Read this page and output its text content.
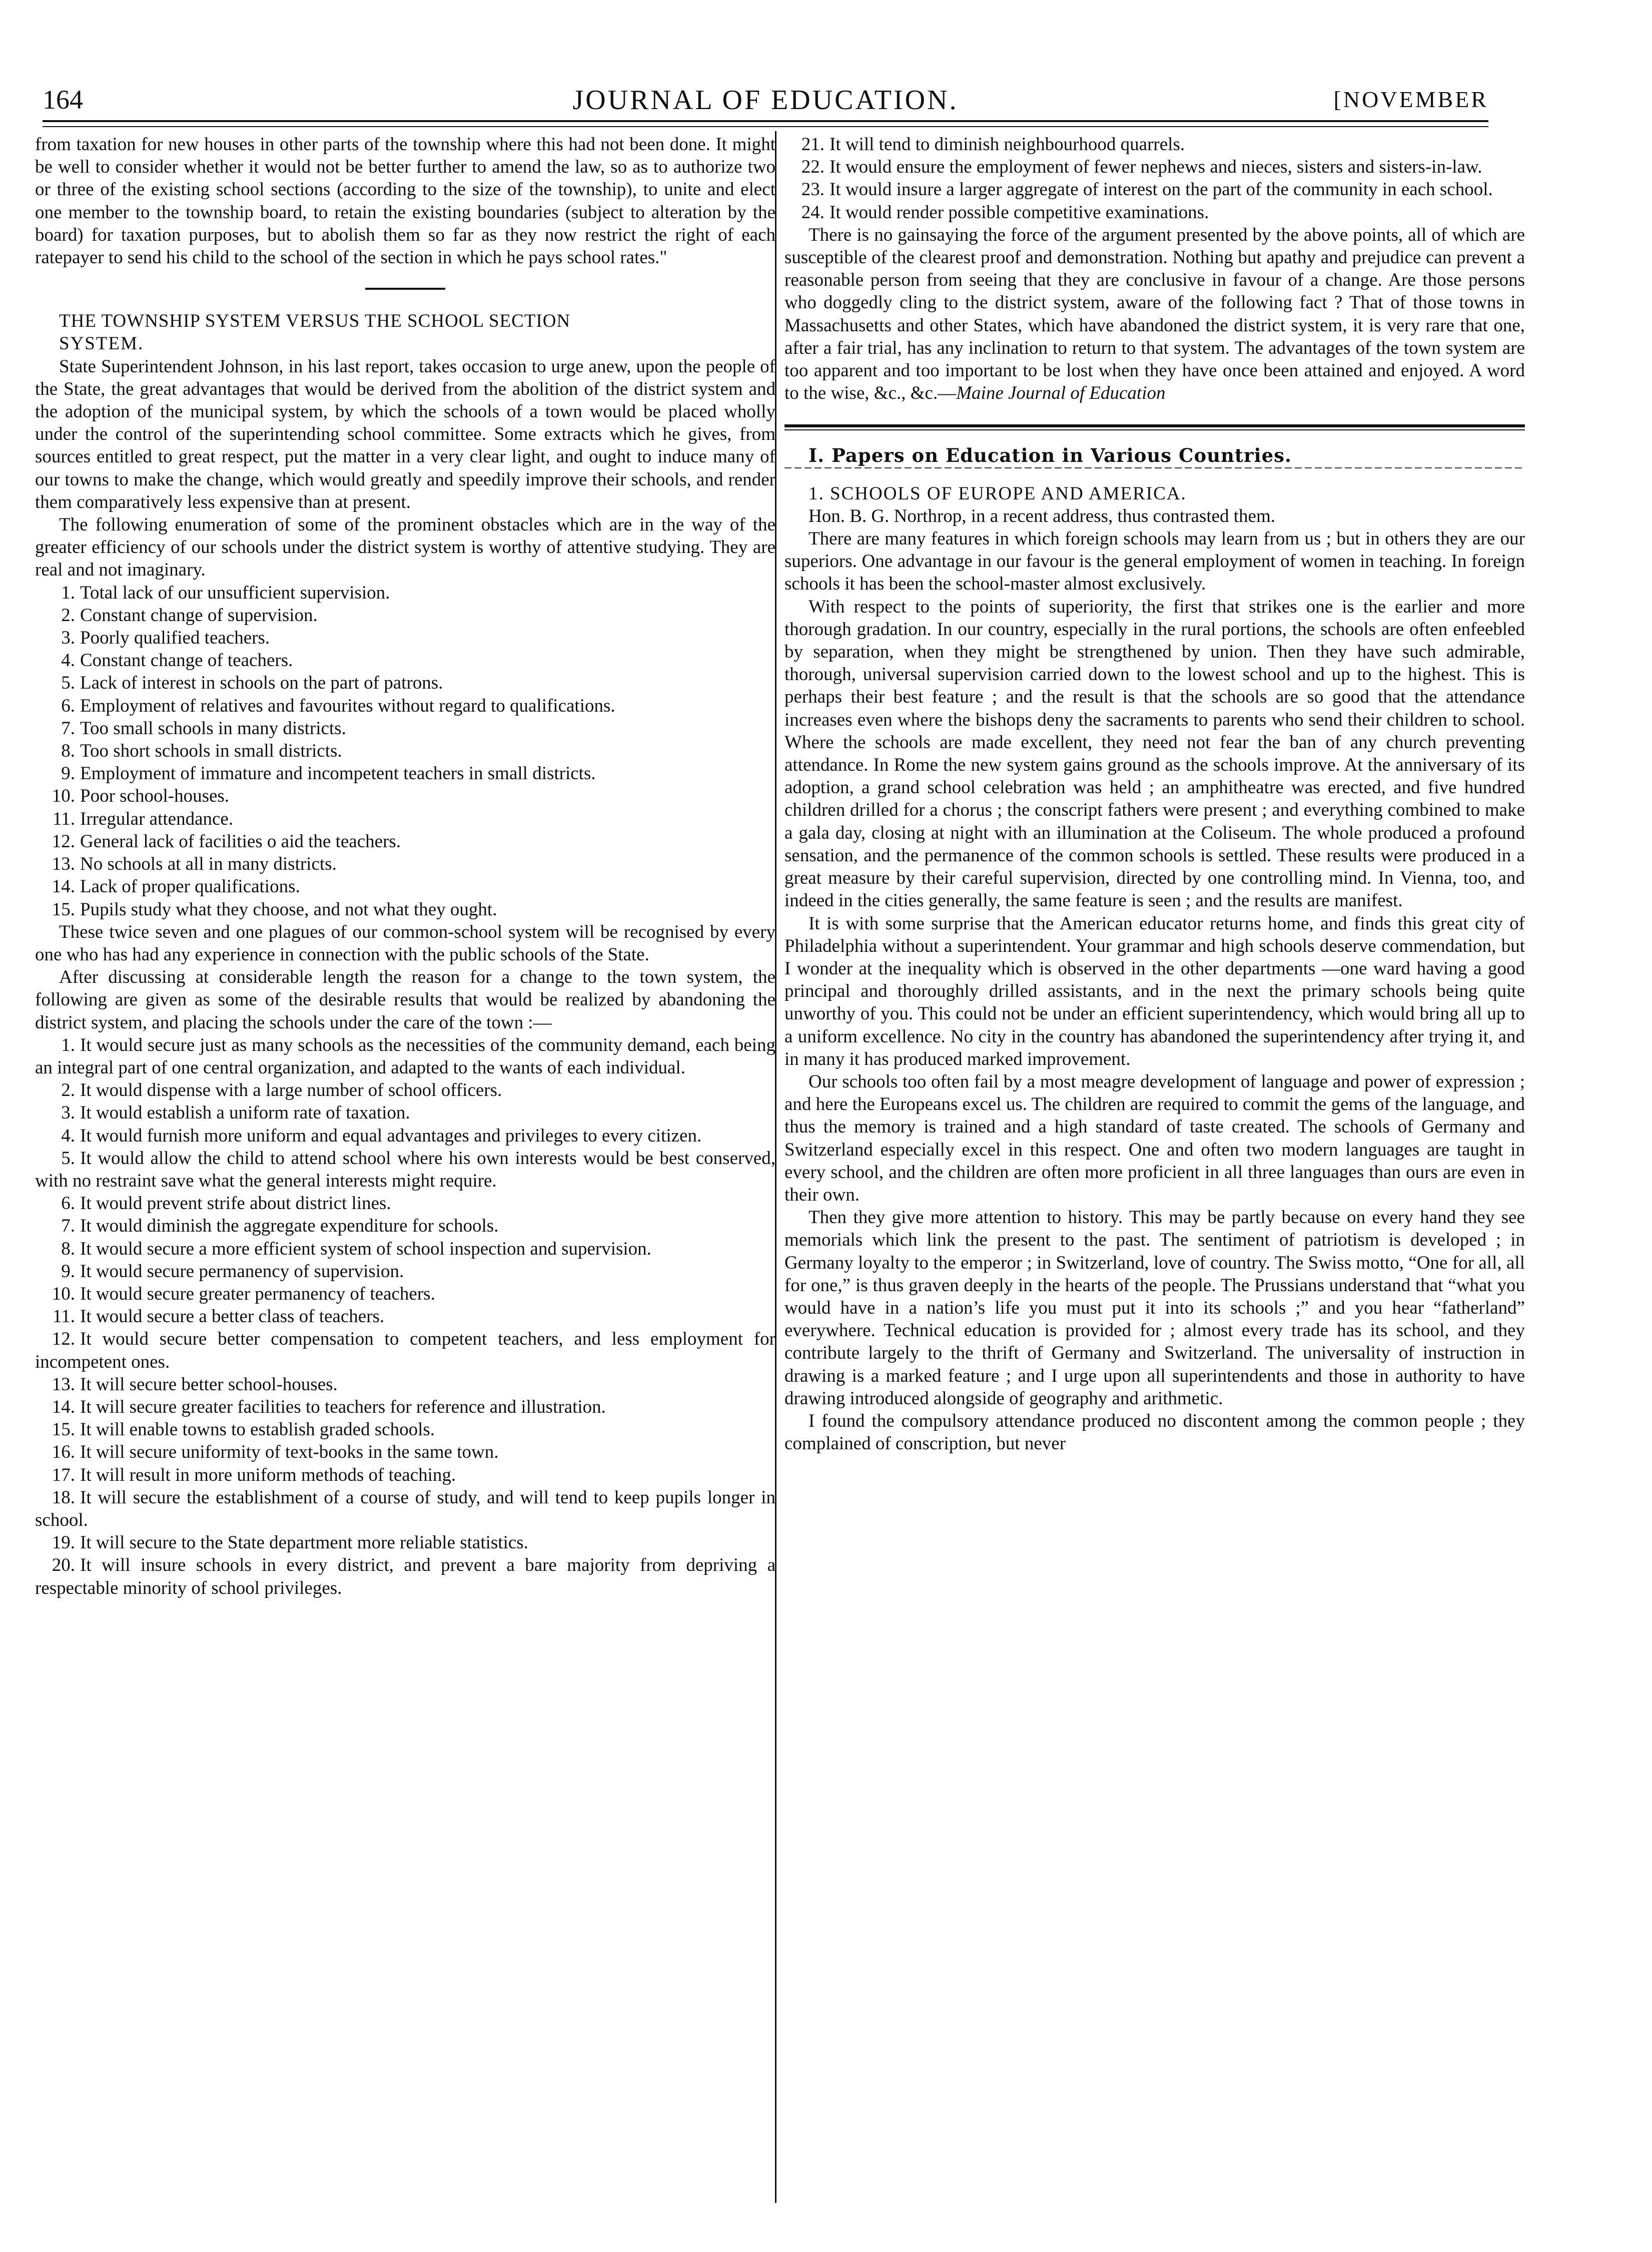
164	JOURNAL OF EDUCATION.	[NOVEMBER

from taxation for new houses in other parts of the township where this had not been done. It might be well to consider whether it would not be better further to amend the law, so as to authorize two or three of the existing school sections (according to the size of the township), to unite and elect one member to the township board, to retain the existing boundaries (subject to alteration by the board) for taxation purposes, but to abolish them so far as they now restrict the right of each ratepayer to send his child to the school of the section in which he pays school rates."

THE TOWNSHIP SYSTEM VERSUS THE SCHOOL SECTION

SYSTEM.

State Superintendent Johnson, in his last report, takes occasion to urge anew, upon the people of the State, the great advantages that would be derived from the abolition of the district system and the adoption of the municipal system, by which the schools of a town would be placed wholly under the control of the superintending school committee. Some extracts which he gives, from sources entitled to great respect, put the matter in a very clear light, and ought to induce many of our towns to make the change, which would greatly and speedily improve their schools, and render them comparatively less expensive than at present.

The following enumeration of some of the prominent obstacles which are in the way of the greater efficiency of our schools under the district system is worthy of attentive studying. They are real and not imaginary.

1. Total lack of our unsufficient supervision.

2. Constant change of supervision.

3. Poorly qualified teachers.

4. Constant change of teachers.

5. Lack of interest in schools on the part of patrons.

6. Employment of relatives and favourites without regard to qualifications.

7. Too small schools in many districts.

8. Too short schools in small districts.

9. Employment of immature and incompetent teachers in small districts.

10. Poor school-houses.

11. Irregular attendance.

12. General lack of facilities o aid the teachers.

13. No schools at all in many districts.

14. Lack of proper qualifications.

15. Pupils study what they choose, and not what they ought.

These twice seven and one plagues of our common-school system will be recognised by every one who has had any experience in connection with the public schools of the State.

After discussing at considerable length the reason for a change to the town system, the following are given as some of the desirable results that would be realized by abandoning the district system, and placing the schools under the care of the town :—

1. It would secure just as many schools as the necessities of the community demand, each being an integral part of one central organization, and adapted to the wants of each individual.

2. It would dispense with a large number of school officers.

3. It would establish a uniform rate of taxation.

4. It would furnish more uniform and equal advantages and privileges to every citizen.

5. It would allow the child to attend school where his own interests would be best conserved, with no restraint save what the general interests might require.

6. It would prevent strife about district lines.

7. It would diminish the aggregate expenditure for schools.

8. It would secure a more efficient system of school inspection and supervision.

9. It would secure permanency of supervision.

10. It would secure greater permanency of teachers.

11. It would secure a better class of teachers.

12. It would secure better compensation to competent teachers, and less employment for incompetent ones.

13. It will secure better school-houses.

14. It will secure greater facilities to teachers for reference and illustration.

15. It will enable towns to establish graded schools.

16. It will secure uniformity of text-books in the same town.

17. It will result in more uniform methods of teaching.

18. It will secure the establishment of a course of study, and will tend to keep pupils longer in school.

19. It will secure to the State department more reliable statistics.

20. It will insure schools in every district, and prevent a bare majority from depriving a respectable minority of school privileges.

21. It will tend to diminish neighbourhood quarrels.

22. It would ensure the employment of fewer nephews and nieces, sisters and sisters-in-law.

23. It would insure a larger aggregate of interest on the part of the community in each school.

24. It would render possible competitive examinations.

There is no gainsaying the force of the argument presented by the above points, all of which are susceptible of the clearest proof and demonstration. Nothing but apathy and prejudice can prevent a reasonable person from seeing that they are conclusive in favour of a change. Are those persons who doggedly cling to the district system, aware of the following fact ? That of those towns in Massachusetts and other States, which have abandoned the district system, it is very rare that one, after a fair trial, has any inclination to return to that system. The advantages of the town system are too apparent and too important to be lost when they have once been attained and enjoyed. A word to the wise, &c., &c.—Maine Journal of Education

I. Papers on Education in Various Countries.

1. SCHOOLS OF EUROPE AND AMERICA.

Hon. B. G. Northrop, in a recent address, thus contrasted them.

There are many features in which foreign schools may learn from us ; but in others they are our superiors. One advantage in our favour is the general employment of women in teaching. In foreign schools it has been the school-master almost exclusively.

With respect to the points of superiority, the first that strikes one is the earlier and more thorough gradation. In our country, especially in the rural portions, the schools are often enfeebled by separation, when they might be strengthened by union. Then they have such admirable, thorough, universal supervision carried down to the lowest school and up to the highest. This is perhaps their best feature ; and the result is that the schools are so good that the attendance increases even where the bishops deny the sacraments to parents who send their children to school. Where the schools are made excellent, they need not fear the ban of any church preventing attendance. In Rome the new system gains ground as the schools improve. At the anniversary of its adoption, a grand school celebration was held ; an amphitheatre was erected, and five hundred children drilled for a chorus ; the conscript fathers were present ; and everything combined to make a gala day, closing at night with an illumination at the Coliseum. The whole produced a profound sensation, and the permanence of the common schools is settled. These results were produced in a great measure by their careful supervision, directed by one controlling mind. In Vienna, too, and indeed in the cities generally, the same feature is seen ; and the results are manifest.

It is with some surprise that the American educator returns home, and finds this great city of Philadelphia without a superintendent. Your grammar and high schools deserve commendation, but I wonder at the inequality which is observed in the other departments —one ward having a good principal and thoroughly drilled assistants, and in the next the primary schools being quite unworthy of you. This could not be under an efficient superintendency, which would bring all up to a uniform excellence. No city in the country has abandoned the superintendency after trying it, and in many it has produced marked improvement.

Our schools too often fail by a most meagre development of language and power of expression ; and here the Europeans excel us. The children are required to commit the gems of the language, and thus the memory is trained and a high standard of taste created. The schools of Germany and Switzerland especially excel in this respect. One and often two modern languages are taught in every school, and the children are often more proficient in all three languages than ours are even in their own.

Then they give more attention to history. This may be partly because on every hand they see memorials which link the present to the past. The sentiment of patriotism is developed ; in Germany loyalty to the emperor ; in Switzerland, love of country. The Swiss motto, “One for all, all for one,” is thus graven deeply in the hearts of the people. The Prussians understand that “what you would have in a nation’s life you must put it into its schools ;” and you hear “fatherland” everywhere. Technical education is provided for ; almost every trade has its school, and they contribute largely to the thrift of Germany and Switzerland. The universality of instruction in drawing is a marked feature ; and I urge upon all superintendents and those in authority to have drawing introduced alongside of geography and arithmetic.

I found the compulsory attendance produced no discontent among the common people ; they complained of conscription, but never
